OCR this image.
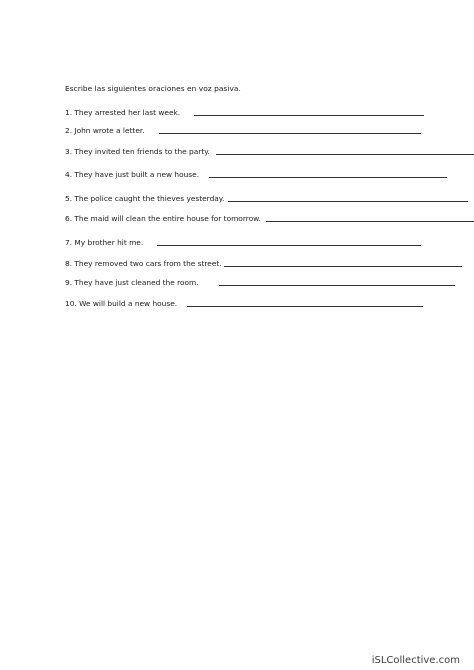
Escribe las siguientes oraciones en voz pasiva.
1. They arrested her last week.
2. John wrote a letter.
3. They invited ten friends to the party.
4. They have just built a new house.
5. The police caught the thieves yesterday.
6. The maid will clean the entire house for tomorrow.
7. My brother hit me.
8. They removed two cars from the street.
9. They have just cleaned the room.
10. We will build a new house.
iSLCollective.com
